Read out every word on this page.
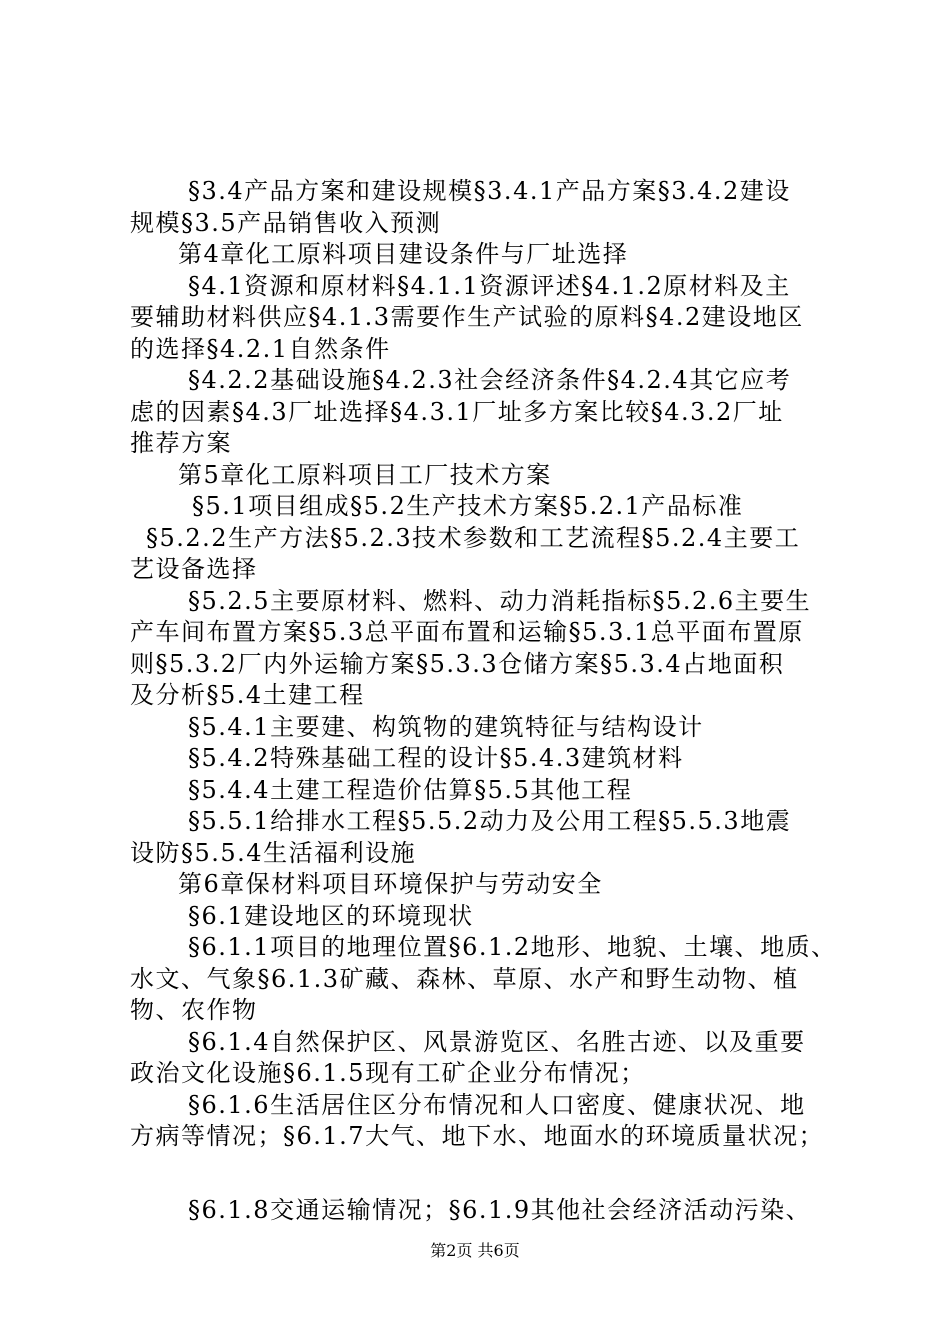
§3.4产品方案和建设规模§3.4.1产品方案§3.4.2建设
规模§3.5产品销售收入预测
第4章化工原料项目建设条件与厂址选择
§4.1资源和原材料§4.1.1资源评述§4.1.2原材料及主
要辅助材料供应§4.1.3需要作生产试验的原料§4.2建设地区
的选择§4.2.1自然条件
§4.2.2基础设施§4.2.3社会经济条件§4.2.4其它应考
虑的因素§4.3厂址选择§4.3.1厂址多方案比较§4.3.2厂址
推荐方案
第5章化工原料项目工厂技术方案
§5.1项目组成§5.2生产技术方案§5.2.1产品标准
§5.2.2生产方法§5.2.3技术参数和工艺流程§5.2.4主要工
艺设备选择
§5.2.5主要原材料、燃料、动力消耗指标§5.2.6主要生
产车间布置方案§5.3总平面布置和运输§5.3.1总平面布置原
则§5.3.2厂内外运输方案§5.3.3仓储方案§5.3.4占地面积
及分析§5.4土建工程
§5.4.1主要建、构筑物的建筑特征与结构设计
§5.4.2特殊基础工程的设计§5.4.3建筑材料
§5.4.4土建工程造价估算§5.5其他工程
§5.5.1给排水工程§5.5.2动力及公用工程§5.5.3地震
设防§5.5.4生活福利设施
第6章保材料项目环境保护与劳动安全
§6.1建设地区的环境现状
§6.1.1项目的地理位置§6.1.2地形、地貌、土壤、地质、
水文、气象§6.1.3矿藏、森林、草原、水产和野生动物、植
物、农作物
§6.1.4自然保护区、风景游览区、名胜古迹、以及重要
政治文化设施§6.1.5现有工矿企业分布情况；
§6.1.6生活居住区分布情况和人口密度、健康状况、地
方病等情况；§6.1.7大气、地下水、地面水的环境质量状况；
§6.1.8交通运输情况；§6.1.9其他社会经济活动污染、
第2页 共6页
